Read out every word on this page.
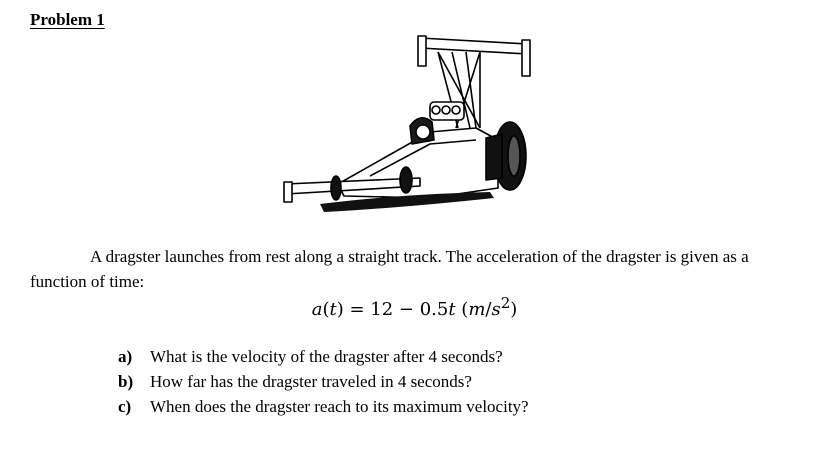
Problem 1
A dragster launches from rest along a straight track. The acceleration of the dragster is given as a function of time:
a(t) = 12 − 0.5t $(m/s^2)$
a)	What is the velocity of the dragster after 4 seconds?
b) How far has the dragster traveled in 4 seconds?
c)	When does the dragster reach to its maximum velocity?
